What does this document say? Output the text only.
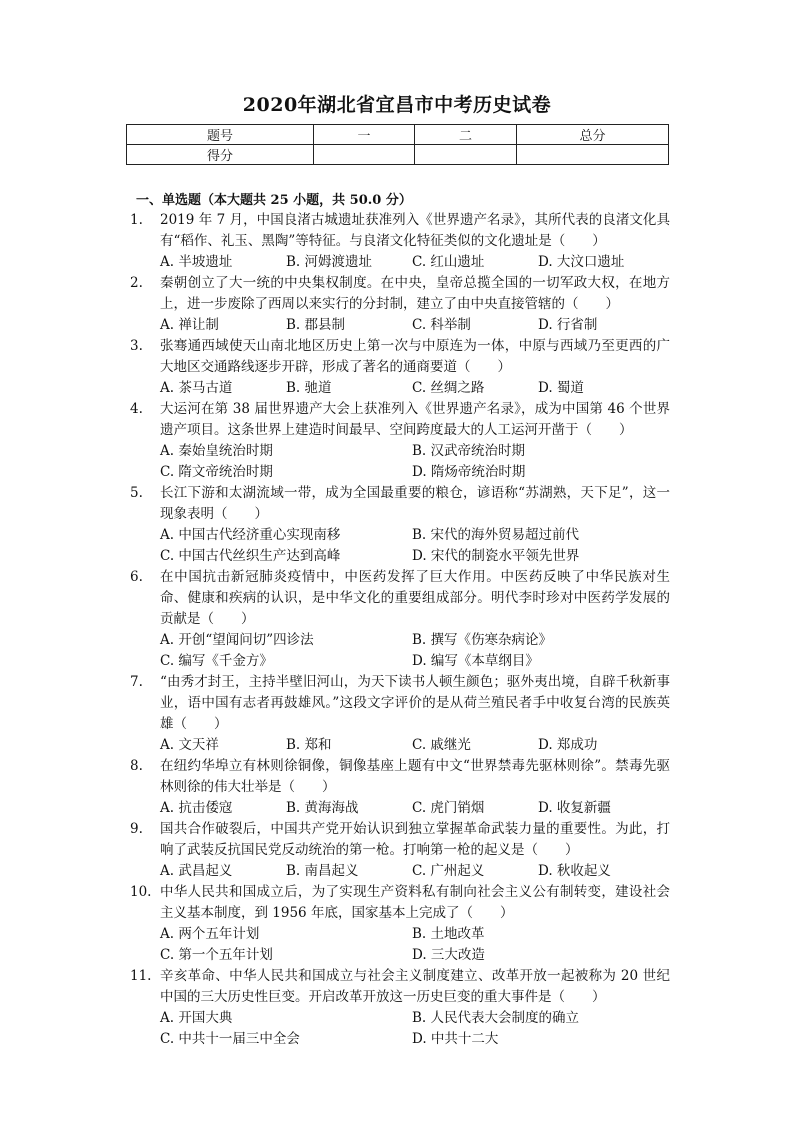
2020年湖北省宜昌市中考历史试卷
题号	一	二	总分
得分			
一、单选题（本大题共 25 小题，共 50.0 分）
1.	2019 年 7 月，中国良渚古城遗址获准列入《世界遗产名录》，其所代表的良渚文化具有“稻作、礼玉、黑陶”等特征。与良渚文化特征类似的文化遗址是（　　）
A. 半坡遗址	B. 河姆渡遗址	C. 红山遗址	D. 大汶口遗址
2.	秦朝创立了大一统的中央集权制度。在中央，皇帝总揽全国的一切军政大权，在地方上，进一步废除了西周以来实行的分封制，建立了由中央直接管辖的（　　）
A. 禅让制	B. 郡县制	C. 科举制	D. 行省制
3.	张骞通西域使天山南北地区历史上第一次与中原连为一体，中原与西域乃至更西的广大地区交通路线逐步开辟，形成了著名的通商要道（　　）
A. 茶马古道	B. 驰道	C. 丝绸之路	D. 蜀道
4.	大运河在第 38 届世界遗产大会上获准列入《世界遗产名录》，成为中国第 46 个世界遗产项目。这条世界上建造时间最早、空间跨度最大的人工运河开凿于（　　）
A. 秦始皇统治时期	B. 汉武帝统治时期
C. 隋文帝统治时期	D. 隋炀帝统治时期
5.	长江下游和太湖流域一带，成为全国最重要的粮仓，谚语称“苏湖熟，天下足”，这一现象表明（　　）
A. 中国古代经济重心实现南移	B. 宋代的海外贸易超过前代
C. 中国古代丝织生产达到高峰	D. 宋代的制瓷水平领先世界
6.	在中国抗击新冠肺炎疫情中，中医药发挥了巨大作用。中医药反映了中华民族对生命、健康和疾病的认识，是中华文化的重要组成部分。明代李时珍对中医药学发展的贡献是（　　）
A. 开创“望闻问切”四诊法	B. 撰写《伤寒杂病论》
C. 编写《千金方》	D. 编写《本草纲目》
7.	“由秀才封王，主持半壁旧河山，为天下读书人顿生颜色；驱外夷出境，自辟千秋新事业，语中国有志者再鼓雄风。”这段文字评价的是从荷兰殖民者手中收复台湾的民族英雄（　　）
A. 文天祥	B. 郑和	C. 戚继光	D. 郑成功
8.	在纽约华埠立有林则徐铜像，铜像基座上题有中文“世界禁毒先驱林则徐”。禁毒先驱林则徐的伟大壮举是（　　）
A. 抗击倭寇	B. 黄海海战	C. 虎门销烟	D. 收复新疆
9.	国共合作破裂后，中国共产党开始认识到独立掌握革命武装力量的重要性。为此，打响了武装反抗国民党反动统治的第一枪。打响第一枪的起义是（　　）
A. 武昌起义	B. 南昌起义	C. 广州起义	D. 秋收起义
10. 中华人民共和国成立后，为了实现生产资料私有制向社会主义公有制转变，建设社会主义基本制度，到 1956 年底，国家基本上完成了（　　）
A. 两个五年计划	B. 土地改革
C. 第一个五年计划	D. 三大改造
11. 辛亥革命、中华人民共和国成立与社会主义制度建立、改革开放一起被称为 20 世纪中国的三大历史性巨变。开启改革开放这一历史巨变的重大事件是（　　）
A. 开国大典	B. 人民代表大会制度的确立
C. 中共十一届三中全会	D. 中共十二大
